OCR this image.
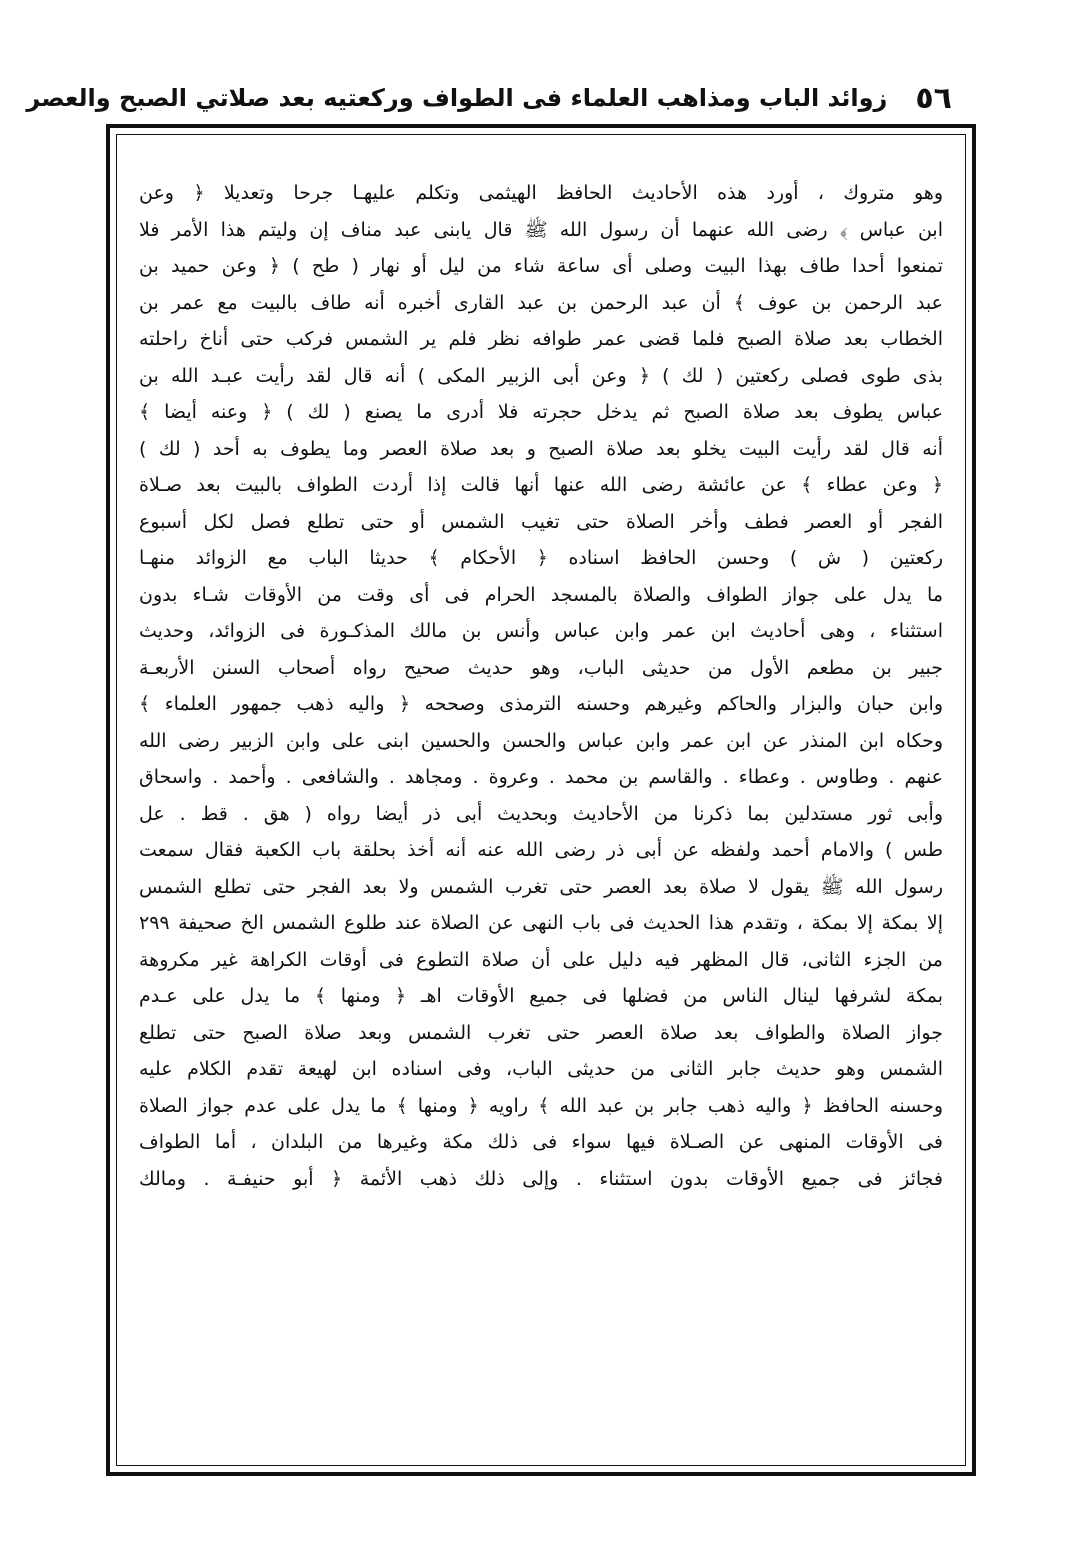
٥٦
زوائد الباب ومذاهب العلماء فى الطواف وركعتيه بعد صلاتي الصبح والعصر
وهو متروك ، أورد هذه الأحاديث الحافظ الهيثمى وتكلم عليهـا جرحا وتعديلا ﴿ وعن
ابن عباس ﴾ رضى الله عنهما أن رسول الله ﷺ قال يابنى عبد مناف إن وليتم هذا الأمر فلا
تمنعوا أحدا طاف بهذا البيت وصلى أى ساعة شاء من ليل أو نهار ( طح ) ﴿ وعن حميد بن
عبد الرحمن بن عوف ﴾ أن عبد الرحمن بن عبد القارى أخبره أنه طاف بالبيت مع عمر بن
الخطاب بعد صلاة الصبح فلما قضى عمر طوافه نظر فلم ير الشمس فركب حتى أناخ راحلته
بذى طوى فصلى ركعتين ( لك ) ﴿ وعن أبى الزبير المكى ) أنه قال لقد رأيت عبـد الله بن
عباس يطوف بعد صلاة الصبح ثم يدخل حجرته فلا أدرى ما يصنع ( لك ) ﴿ وعنه أيضا ﴾
أنه قال لقد رأيت البيت يخلو بعد صلاة الصبح و بعد صلاة العصر وما يطوف به أحد ( لك )
﴿ وعن عطاء ﴾ عن عائشة رضى الله عنها أنها قالت إذا أردت الطواف بالبيت بعد صـلاة
الفجر أو العصر فطف وأخر الصلاة حتى تغيب الشمس أو حتى تطلع فصل لكل أسبوع
ركعتين ( ش ) وحسن الحافظ اسناده ﴿ الأحكام ﴾ حديثا الباب مع الزوائد منهـا
ما يدل على جواز الطواف والصلاة بالمسجد الحرام فى أى وقت من الأوقات شـاء بدون
استثناء ، وهى أحاديث ابن عمر وابن عباس وأنس بن مالك المذكـورة فى الزوائد، وحديث
جبير بن مطعم الأول من حديثى الباب، وهو حديث صحيح رواه أصحاب السنن الأربعـة
وابن حبان والبزار والحاكم وغيرهم وحسنه الترمذى وصححه ﴿ واليه ذهب جمهور العلماء ﴾
وحكاه ابن المنذر عن ابن عمر وابن عباس والحسن والحسين ابنى على وابن الزبير رضى الله
عنهم . وطاوس . وعطاء . والقاسم بن محمد . وعروة . ومجاهد . والشافعى . وأحمد . واسحاق
وأبى ثور مستدلين بما ذكرنا من الأحاديث وبحديث أبى ذر أيضا رواه ( هق . قط . عل
طس ) والامام أحمد ولفظه عن أبى ذر رضى الله عنه أنه أخذ بحلقة باب الكعبة فقال سمعت
رسول الله ﷺ يقول لا صلاة بعد العصر حتى تغرب الشمس ولا بعد الفجر حتى تطلع الشمس
إلا بمكة إلا بمكة ، وتقدم هذا الحديث فى باب النهى عن الصلاة عند طلوع الشمس الخ صحيفة ٢٩٩
من الجزء الثانى، قال المظهر فيه دليل على أن صلاة التطوع فى أوقات الكراهة غير مكروهة
بمكة لشرفها لينال الناس من فضلها فى جميع الأوقات اهـ ﴿ ومنها ﴾ ما يدل على عـدم
جواز الصلاة والطواف بعد صلاة العصر حتى تغرب الشمس وبعد صلاة الصبح حتى تطلع
الشمس وهو حديث جابر الثانى من حديثى الباب، وفى اسناده ابن لهيعة تقدم الكلام عليه
وحسنه الحافظ ﴿ واليه ذهب جابر بن عبد الله ﴾ راويه ﴿ ومنها ﴾ ما يدل على عدم جواز الصلاة
فى الأوقات المنهى عن الصـلاة فيها سواء فى ذلك مكة وغيرها من البلدان ، أما الطواف
فجائز فى جميع الأوقات بدون استثناء . وإلى ذلك ذهب الأئمة ﴿ أبو حنيفـة . ومالك
